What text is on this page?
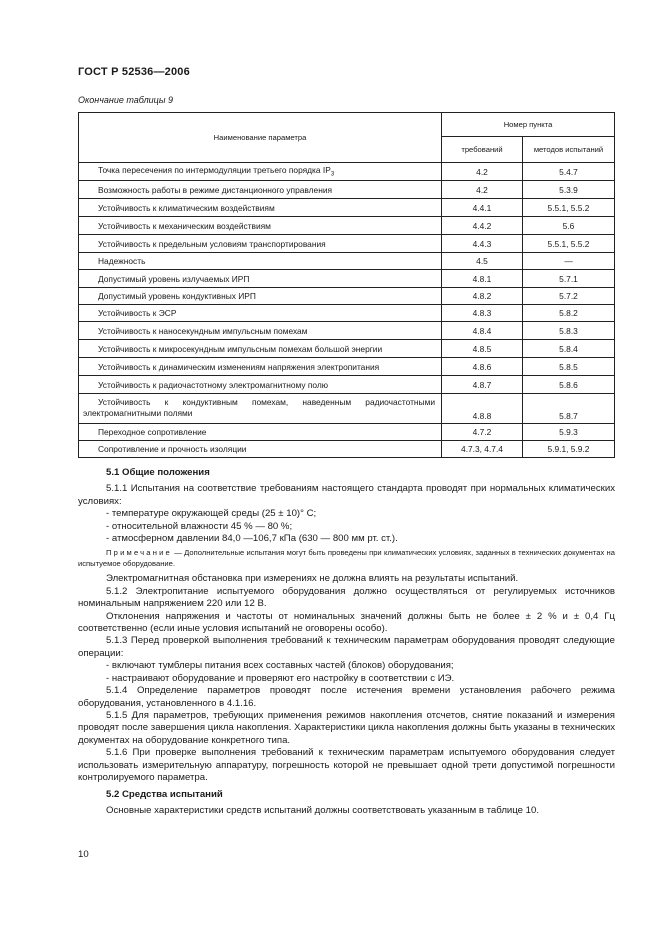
ГОСТ Р 52536—2006
Окончание таблицы 9
Наименование параметра	Номер пункта	
	требований	методов испытаний
Точка пересечения по интермодуляции третьего порядка $IP_3$	4.2	5.4.7
Возможность работы в режиме дистанционного управления	4.2	5.3.9
Устойчивость к климатическим воздействиям	4.4.1	5.5.1, 5.5.2
Устойчивость к механическим воздействиям	4.4.2	5.6
Устойчивость к предельным условиям транспортирования	4.4.3	5.5.1, 5.5.2
Надежность	4.5	—
Допустимый уровень излучаемых ИРП	4.8.1	5.7.1
Допустимый уровень кондуктивных ИРП	4.8.2	5.7.2
Устойчивость к ЭСР	4.8.3	5.8.2
Устойчивость к наносекундным импульсным помехам	4.8.4	5.8.3
Устойчивость к микросекундным импульсным помехам большой энергии	4.8.5	5.8.4
Устойчивость к динамическим изменениям напряжения электропитания	4.8.6	5.8.5
Устойчивость к радиочастотному электромагнитному полю	4.8.7	5.8.6
Устойчивость к кондуктивным помехам, наведенным радиочастотными электромагнитными полями	4.8.8	5.8.7
Переходное сопротивление	4.7.2	5.9.3
Сопротивление и прочность изоляции	4.7.3, 4.7.4	5.9.1, 5.9.2

5.1 Общие положения

5.1.1 Испытания на соответствие требованиям настоящего стандарта проводят при нормальных климатических условиях:

- температуре окружающей среды (25 ± 10)° С;

- относительной влажности 45 % — 80 %;

- атмосферном давлении 84,0 —106,7 кПа (630 — 800 мм рт. ст.).

Примечание — Дополнительные испытания могут быть проведены при климатических условиях, заданных в технических документах на испытуемое оборудование.

Электромагнитная обстановка при измерениях не должна влиять на результаты испытаний.

5.1.2 Электропитание испытуемого оборудования должно осуществляться от регулируемых источников номинальным напряжением 220 или 12 В.

Отклонения напряжения и частоты от номинальных значений должны быть не более ± 2 % и ± 0,4 Гц соответственно (если иные условия испытаний не оговорены особо).

5.1.3 Перед проверкой выполнения требований к техническим параметрам оборудования проводят следующие операции:

- включают тумблеры питания всех составных частей (блоков) оборудования;

- настраивают оборудование и проверяют его настройку в соответствии с ИЭ.

5.1.4 Определение параметров проводят после истечения времени установления рабочего режима оборудования, установленного в 4.1.16.

5.1.5 Для параметров, требующих применения режимов накопления отсчетов, снятие показаний и измерения проводят после завершения цикла накопления. Характеристики цикла накопления должны быть указаны в технических документах на оборудование конкретного типа.

5.1.6 При проверке выполнения требований к техническим параметрам испытуемого оборудования следует использовать измерительную аппаратуру, погрешность которой не превышает одной трети допустимой погрешности контролируемого параметра.

5.2 Средства испытаний

Основные характеристики средств испытаний должны соответствовать указанным в таблице 10.

10
